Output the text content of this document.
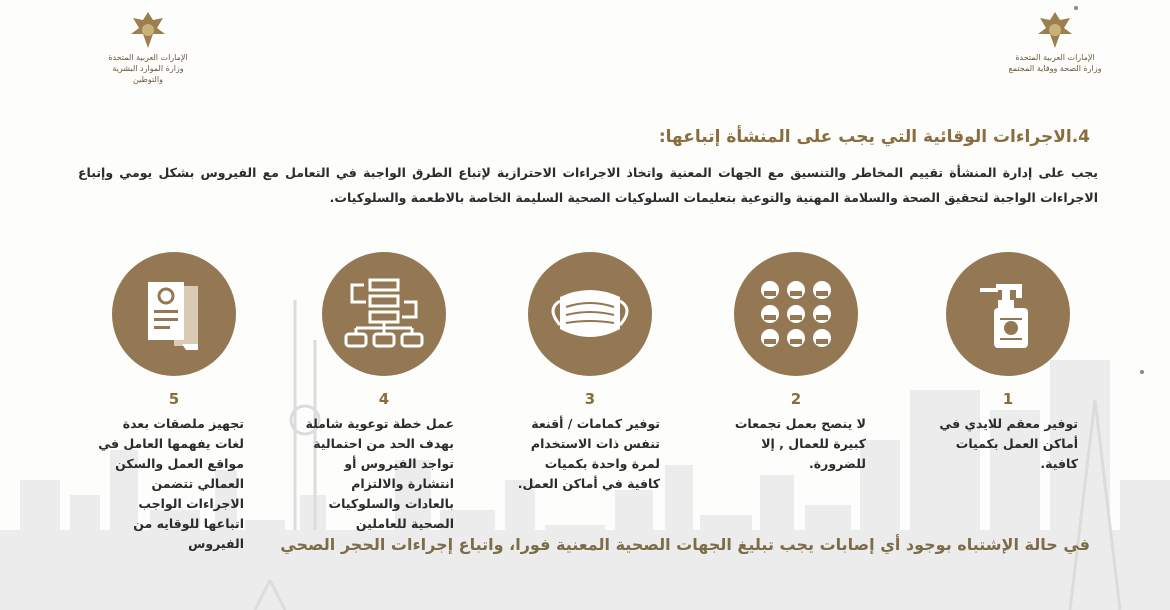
الإمارات العربية المتحدة
وزارة الموارد البشرية
والتوطين
الإمارات العربية المتحدة
وزارة الصحة ووقاية المجتمع
4.الاجراءات الوقائية التي يجب على المنشأة إتباعها:

يجب على إدارة المنشأة تقييم المخاطر والتنسيق مع الجهات المعنية واتخاذ الاجراءات الاحترازية لإتباع الطرق الواجبة في التعامل مع الفيروس بشكل يومي وإتباع الاجراءات الواجبة لتحقيق الصحة والسلامة المهنية والتوعية بتعليمات السلوكيات الصحية السليمة الخاصة بالاطعمة والسلوكيات.

1
توفير معقم للايدي في أماكن العمل بكميات كافية.
2
لا ينصح بعمل تجمعات كبيرة للعمال , إلا للضرورة.
3
توفير كمامات / أقنعة تنفس ذات الاستخدام لمرة واحدة بكميات كافية في أماكن العمل.
4
عمل خطة توعوية شاملة بهدف الحد من احتمالية تواجد الفيروس أو انتشارة والالتزام بالعادات والسلوكيات الصحية للعاملين
5
تجهيز ملصقات بعدة لغات يفهمها العامل في مواقع العمل والسكن العمالي تتضمن الاجراءات الواجب اتباعها للوقايه من الفيروس في حالة الإشتباه بوجود أي إصابات يجب تبليغ الجهات الصحية المعنية فورا، واتباع إجراءات الحجر الصحي
